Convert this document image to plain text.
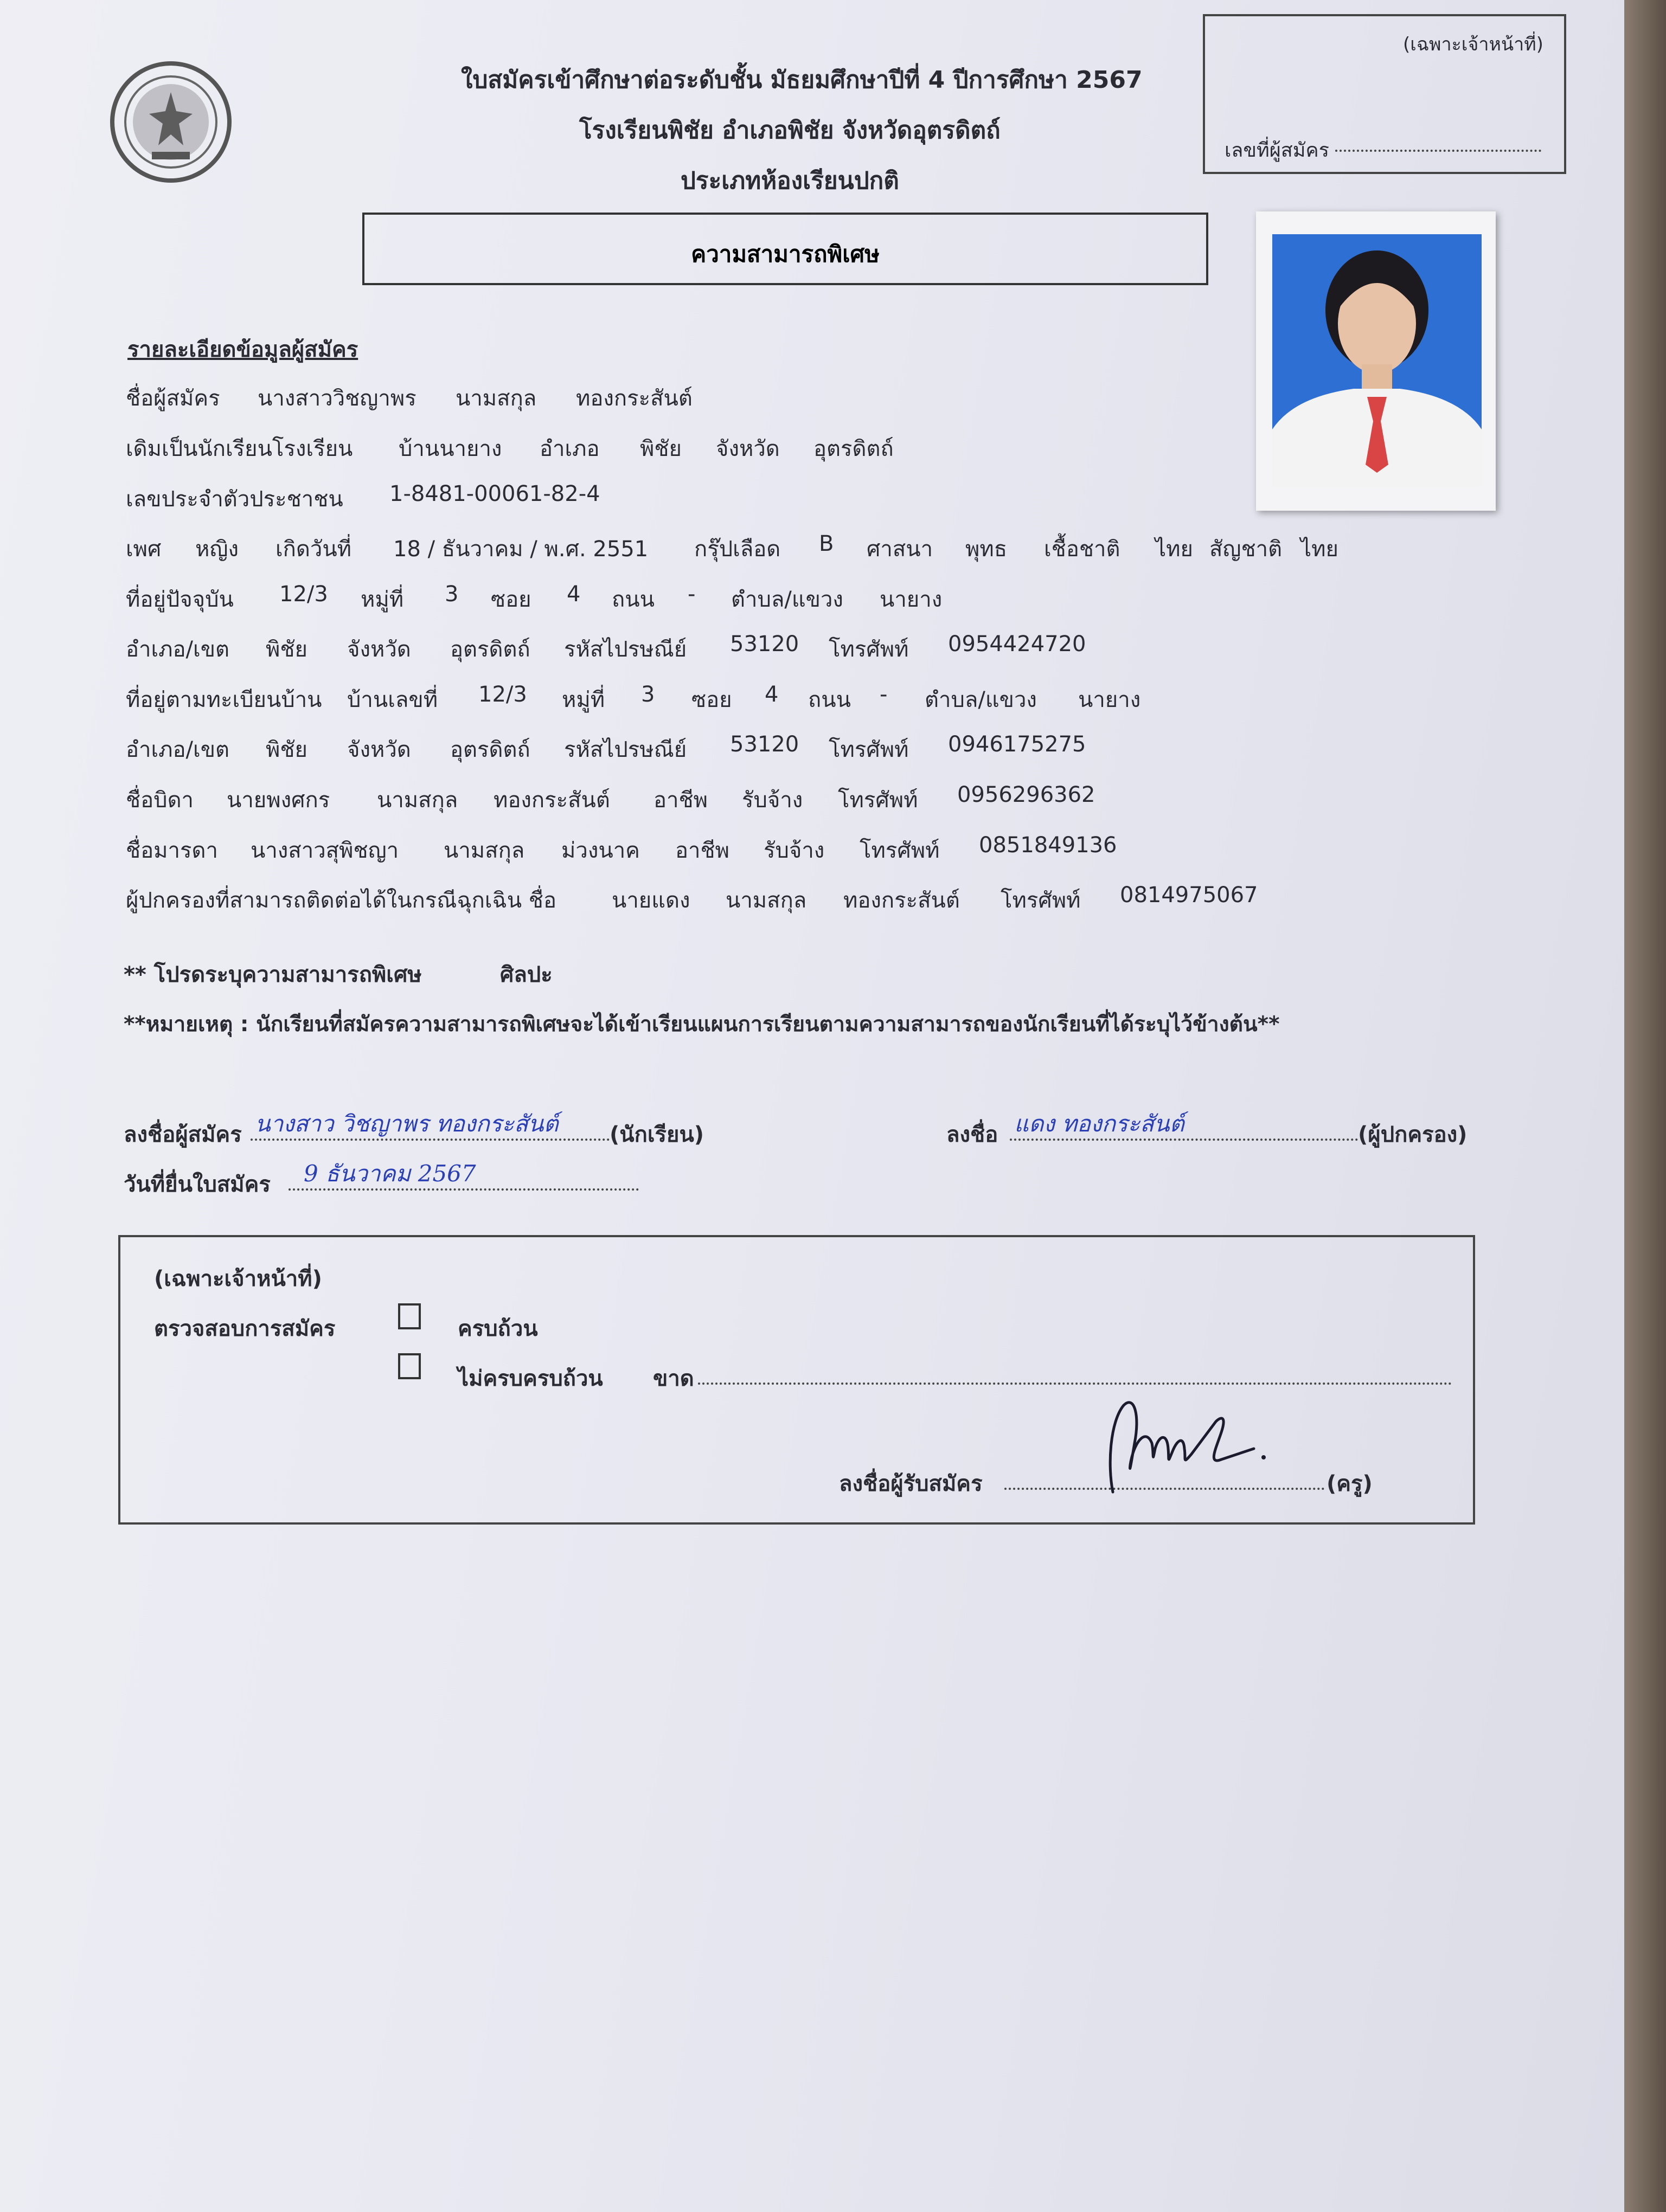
ใบสมัครเข้าศึกษาต่อระดับชั้น มัธยมศึกษาปีที่ 4 ปีการศึกษา 2567
โรงเรียนพิชัย อำเภอพิชัย จังหวัดอุตรดิตถ์
ประเภทห้องเรียนปกติ
(เฉพาะเจ้าหน้าที่)
เลขที่ผู้สมัคร
ความสามารถพิเศษ
รายละเอียดข้อมูลผู้สมัคร
ชื่อผู้สมัคร นางสาววิชญาพร นามสกุล ทองกระสันต์
เดิมเป็นนักเรียนโรงเรียน บ้านนายาง อำเภอ พิชัย จังหวัด อุตรดิตถ์
เลขประจำตัวประชาชน 1-8481-00061-82-4
เพศ หญิง เกิดวันที่ 18 / ธันวาคม / พ.ศ. 2551 กรุ๊ปเลือด B ศาสนา พุทธ เชื้อชาติ ไทย สัญชาติ ไทย
ที่อยู่ปัจจุบัน 12/3 หมู่ที่ 3 ซอย 4 ถนน - ตำบล/แขวง นายาง
อำเภอ/เขต พิชัย จังหวัด อุตรดิตถ์ รหัสไปรษณีย์ 53120 โทรศัพท์ 0954424720
ที่อยู่ตามทะเบียนบ้าน บ้านเลขที่ 12/3 หมู่ที่ 3 ซอย 4 ถนน - ตำบล/แขวง นายาง
อำเภอ/เขต พิชัย จังหวัด อุตรดิตถ์ รหัสไปรษณีย์ 53120 โทรศัพท์ 0946175275
ชื่อบิดา นายพงศกร นามสกุล ทองกระสันต์ อาชีพ รับจ้าง โทรศัพท์ 0956296362
ชื่อมารดา นางสาวสุพิชญา นามสกุล ม่วงนาค อาชีพ รับจ้าง โทรศัพท์ 0851849136
ผู้ปกครองที่สามารถติดต่อได้ในกรณีฉุกเฉิน ชื่อ	นายแดง นามสกุล ทองกระสันต์ โทรศัพท์ 0814975067
** โปรดระบุความสามารถพิเศษ	ศิลปะ
**หมายเหตุ : นักเรียนที่สมัครความสามารถพิเศษจะได้เข้าเรียนแผนการเรียนตามความสามารถของนักเรียนที่ได้ระบุไว้ข้างต้น**
ลงชื่อผู้สมัคร นางสาว วิชญาพร ทองกระสันต์ (นักเรียน)	ลงชื่อ แดง ทองกระสันต์	(ผู้ปกครอง)
วันที่ยื่นใบสมัคร 9 ธันวาคม 2567
(เฉพาะเจ้าหน้าที่)
ตรวจสอบการสมัคร	ครบถ้วน
ไม่ครบครบถ้วน ขาด
ลงชื่อผู้รับสมัคร	(ครู)
